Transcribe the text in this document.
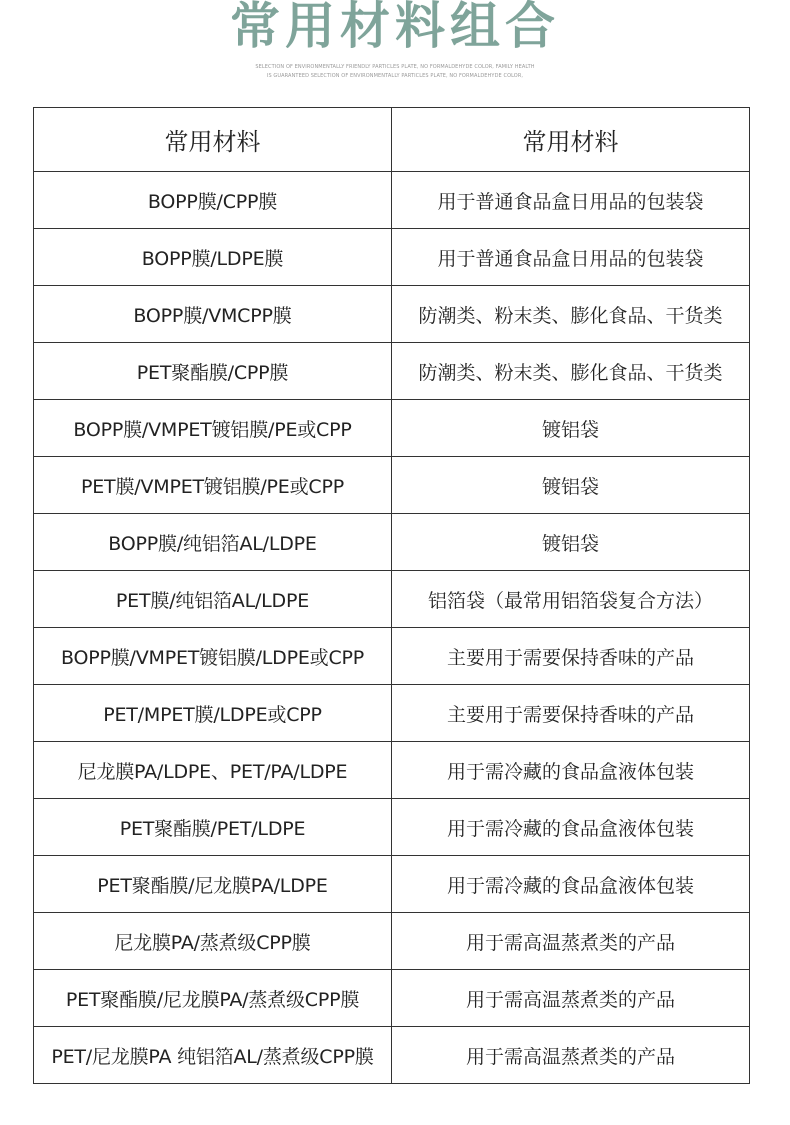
常用材料组合
SELECTION OF ENVIRONMENTALLY FRIENDLY PARTICLES PLATE, NO FORMALDEHYDE COLOR, FAMILY HEALTH
IS GUARANTEED SELECTION OF ENVIRONMENTALLY PARTICLES PLATE, NO FORMALDEHYDE COLOR,
常用材料	常用材料
BOPP膜/CPP膜	用于普通食品盒日用品的包装袋
BOPP膜/LDPE膜	用于普通食品盒日用品的包装袋
BOPP膜/VMCPP膜	防潮类、粉末类、膨化食品、干货类
PET聚酯膜/CPP膜	防潮类、粉末类、膨化食品、干货类
BOPP膜/VMPET镀铝膜/PE或CPP	镀铝袋
PET膜/VMPET镀铝膜/PE或CPP	镀铝袋
BOPP膜/纯铝箔AL/LDPE	镀铝袋
PET膜/纯铝箔AL/LDPE	铝箔袋（最常用铝箔袋复合方法）
BOPP膜/VMPET镀铝膜/LDPE或CPP	主要用于需要保持香味的产品
PET/MPET膜/LDPE或CPP	主要用于需要保持香味的产品
尼龙膜PA/LDPE、PET/PA/LDPE	用于需冷藏的食品盒液体包装
PET聚酯膜/PET/LDPE	用于需冷藏的食品盒液体包装
PET聚酯膜/尼龙膜PA/LDPE	用于需冷藏的食品盒液体包装
尼龙膜PA/蒸煮级CPP膜	用于需高温蒸煮类的产品
PET聚酯膜/尼龙膜PA/蒸煮级CPP膜	用于需高温蒸煮类的产品
PET/尼龙膜PA 纯铝箔AL/蒸煮级CPP膜	用于需高温蒸煮类的产品
